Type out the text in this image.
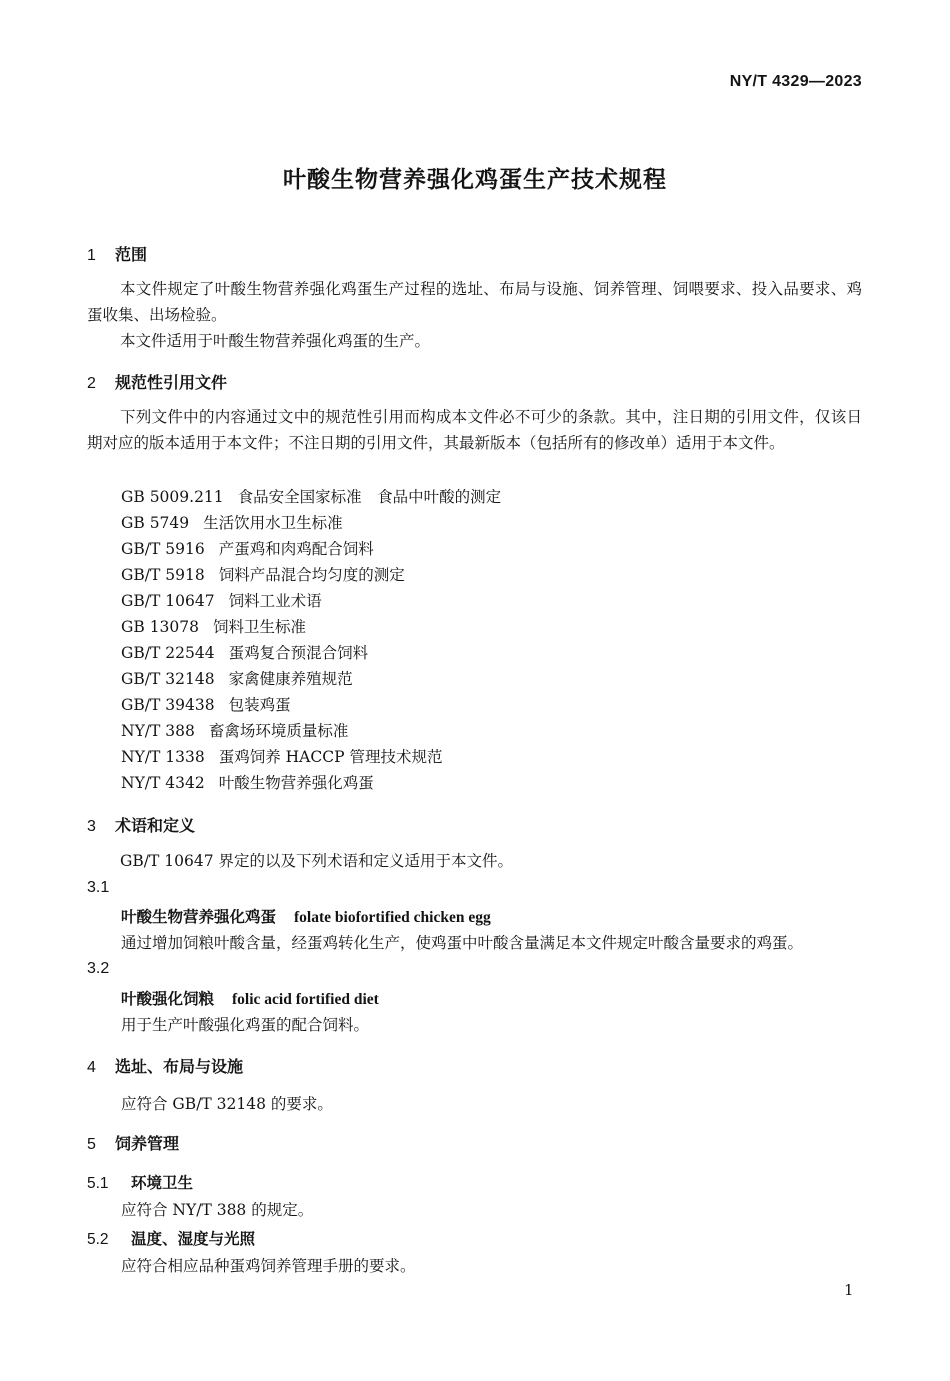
NY/T 4329—2023
叶酸生物营养强化鸡蛋生产技术规程
1 范围

本文件规定了叶酸生物营养强化鸡蛋生产过程的选址、布局与设施、饲养管理、饲喂要求、投入品要求、鸡蛋收集、出场检验。

本文件适用于叶酸生物营养强化鸡蛋的生产。

2 规范性引用文件

下列文件中的内容通过文中的规范性引用而构成本文件必不可少的条款。其中，注日期的引用文件，仅该日期对应的版本适用于本文件；不注日期的引用文件，其最新版本（包括所有的修改单）适用于本文件。

GB 5009.211 食品安全国家标准　食品中叶酸的测定
GB 5749 生活饮用水卫生标准
GB/T 5916 产蛋鸡和肉鸡配合饲料
GB/T 5918 饲料产品混合均匀度的测定
GB/T 10647 饲料工业术语
GB 13078 饲料卫生标准
GB/T 22544 蛋鸡复合预混合饲料
GB/T 32148 家禽健康养殖规范
GB/T 39438 包装鸡蛋
NY/T 388 畜禽场环境质量标准
NY/T 1338 蛋鸡饲养 HACCP 管理技术规范
NY/T 4342 叶酸生物营养强化鸡蛋
3 术语和定义

GB/T 10647 界定的以及下列术语和定义适用于本文件。

3.1
叶酸生物营养强化鸡蛋 folate biofortified chicken egg
通过增加饲粮叶酸含量，经蛋鸡转化生产，使鸡蛋中叶酸含量满足本文件规定叶酸含量要求的鸡蛋。
3.2
叶酸强化饲粮 folic acid fortified diet
用于生产叶酸强化鸡蛋的配合饲料。
4 选址、布局与设施
应符合 GB/T 32148 的要求。
5 饲养管理
5.1 环境卫生
应符合 NY/T 388 的规定。
5.2 温度、湿度与光照
应符合相应品种蛋鸡饲养管理手册的要求。
1
